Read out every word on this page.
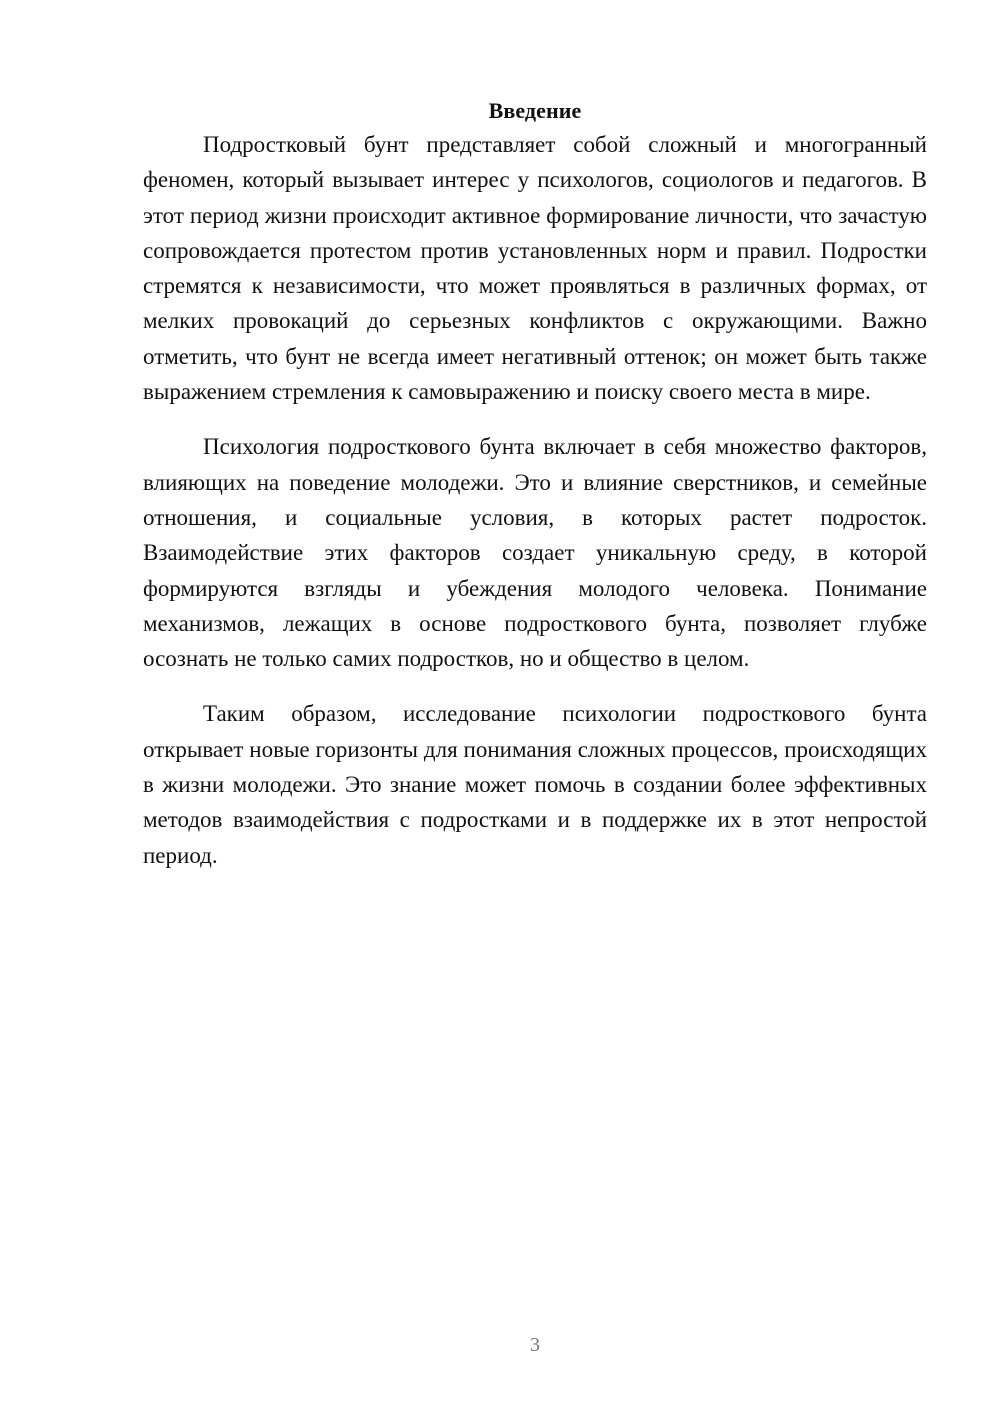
Введение

Подростковый бунт представляет собой сложный и многогранный феномен, который вызывает интерес у психологов, социологов и педагогов. В этот период жизни происходит активное формирование личности, что зачастую сопровождается протестом против установленных норм и правил. Подростки стремятся к независимости, что может проявляться в различных формах, от мелких провокаций до серьезных конфликтов с окружающими. Важно отметить, что бунт не всегда имеет негативный оттенок; он может быть также выражением стремления к самовыражению и поиску своего места в мире.

Психология подросткового бунта включает в себя множество факторов, влияющих на поведение молодежи. Это и влияние сверстников, и семейные отношения, и социальные условия, в которых растет подросток. Взаимодействие этих факторов создает уникальную среду, в которой формируются взгляды и убеждения молодого человека. Понимание механизмов, лежащих в основе подросткового бунта, позволяет глубже осознать не только самих подростков, но и общество в целом.

Таким образом, исследование психологии подросткового бунта открывает новые горизонты для понимания сложных процессов, происходящих в жизни молодежи. Это знание может помочь в создании более эффективных методов взаимодействия с подростками и в поддержке их в этот непростой период.

3
